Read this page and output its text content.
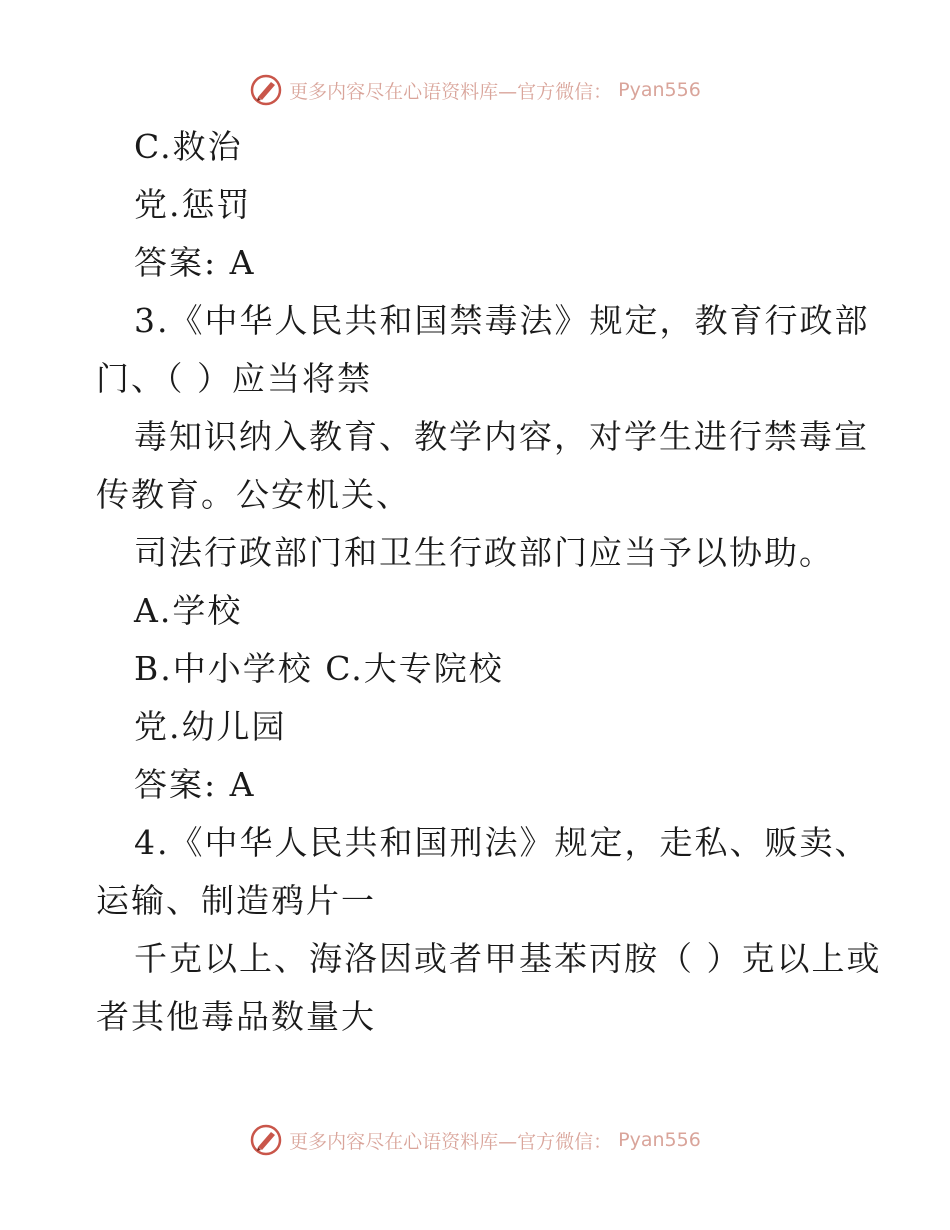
更多内容尽在心语资料库—官方微信： Pyan556
C.救治
党.惩罚
答案: A
3.《中华人民共和国禁毒法》规定，教育行政部
门、（ ）应当将禁
毒知识纳入教育、教学内容，对学生进行禁毒宣
传教育。公安机关、
司法行政部门和卫生行政部门应当予以协助。
A.学校
B.中小学校 C.大专院校
党.幼儿园
答案: A
4.《中华人民共和国刑法》规定，走私、贩卖、
运输、制造鸦片一
千克以上、海洛因或者甲基苯丙胺（ ）克以上或
者其他毒品数量大
更多内容尽在心语资料库—官方微信： Pyan556
